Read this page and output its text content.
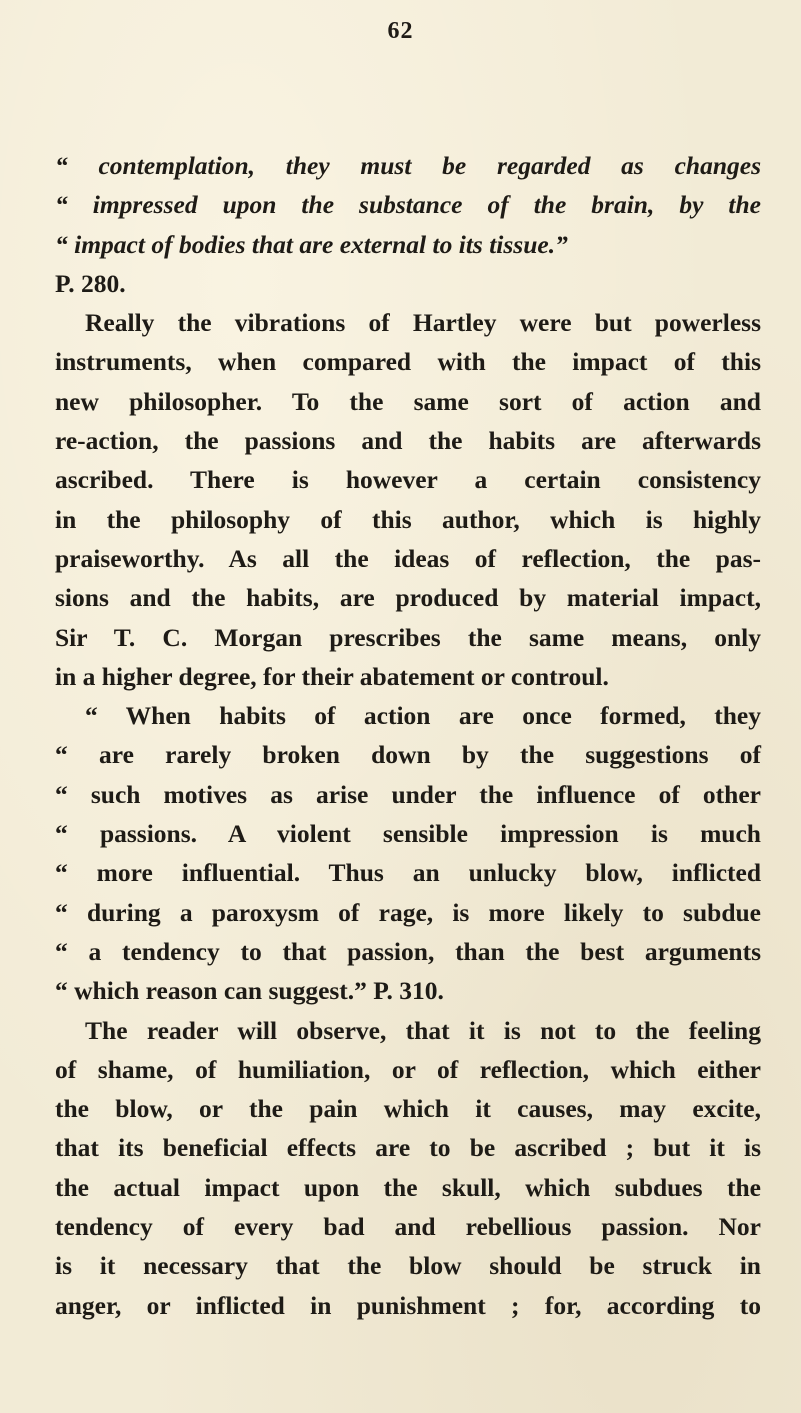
62
“ contemplation, they must be regarded as changes
“ impressed upon the substance of the brain, by the
“ impact of bodies that are external to its tissue.”
P. 280.
Really the vibrations of Hartley were but powerless
instruments, when compared with the impact of this
new philosopher. To the same sort of action and
re-action, the passions and the habits are afterwards
ascribed. There is however a certain consistency
in the philosophy of this author, which is highly
praiseworthy. As all the ideas of reflection, the pas-
sions and the habits, are produced by material impact,
Sir T. C. Morgan prescribes the same means, only
in a higher degree, for their abatement or controul.
“ When habits of action are once formed, they
“ are rarely broken down by the suggestions of
“ such motives as arise under the influence of other
“ passions. A violent sensible impression is much
“ more influential. Thus an unlucky blow, inflicted
“ during a paroxysm of rage, is more likely to subdue
“ a tendency to that passion, than the best arguments
“ which reason can suggest.” P. 310.
The reader will observe, that it is not to the feeling
of shame, of humiliation, or of reflection, which either
the blow, or the pain which it causes, may excite,
that its beneficial effects are to be ascribed ; but it is
the actual impact upon the skull, which subdues the
tendency of every bad and rebellious passion. Nor
is it necessary that the blow should be struck in
anger, or inflicted in punishment ; for, according to
